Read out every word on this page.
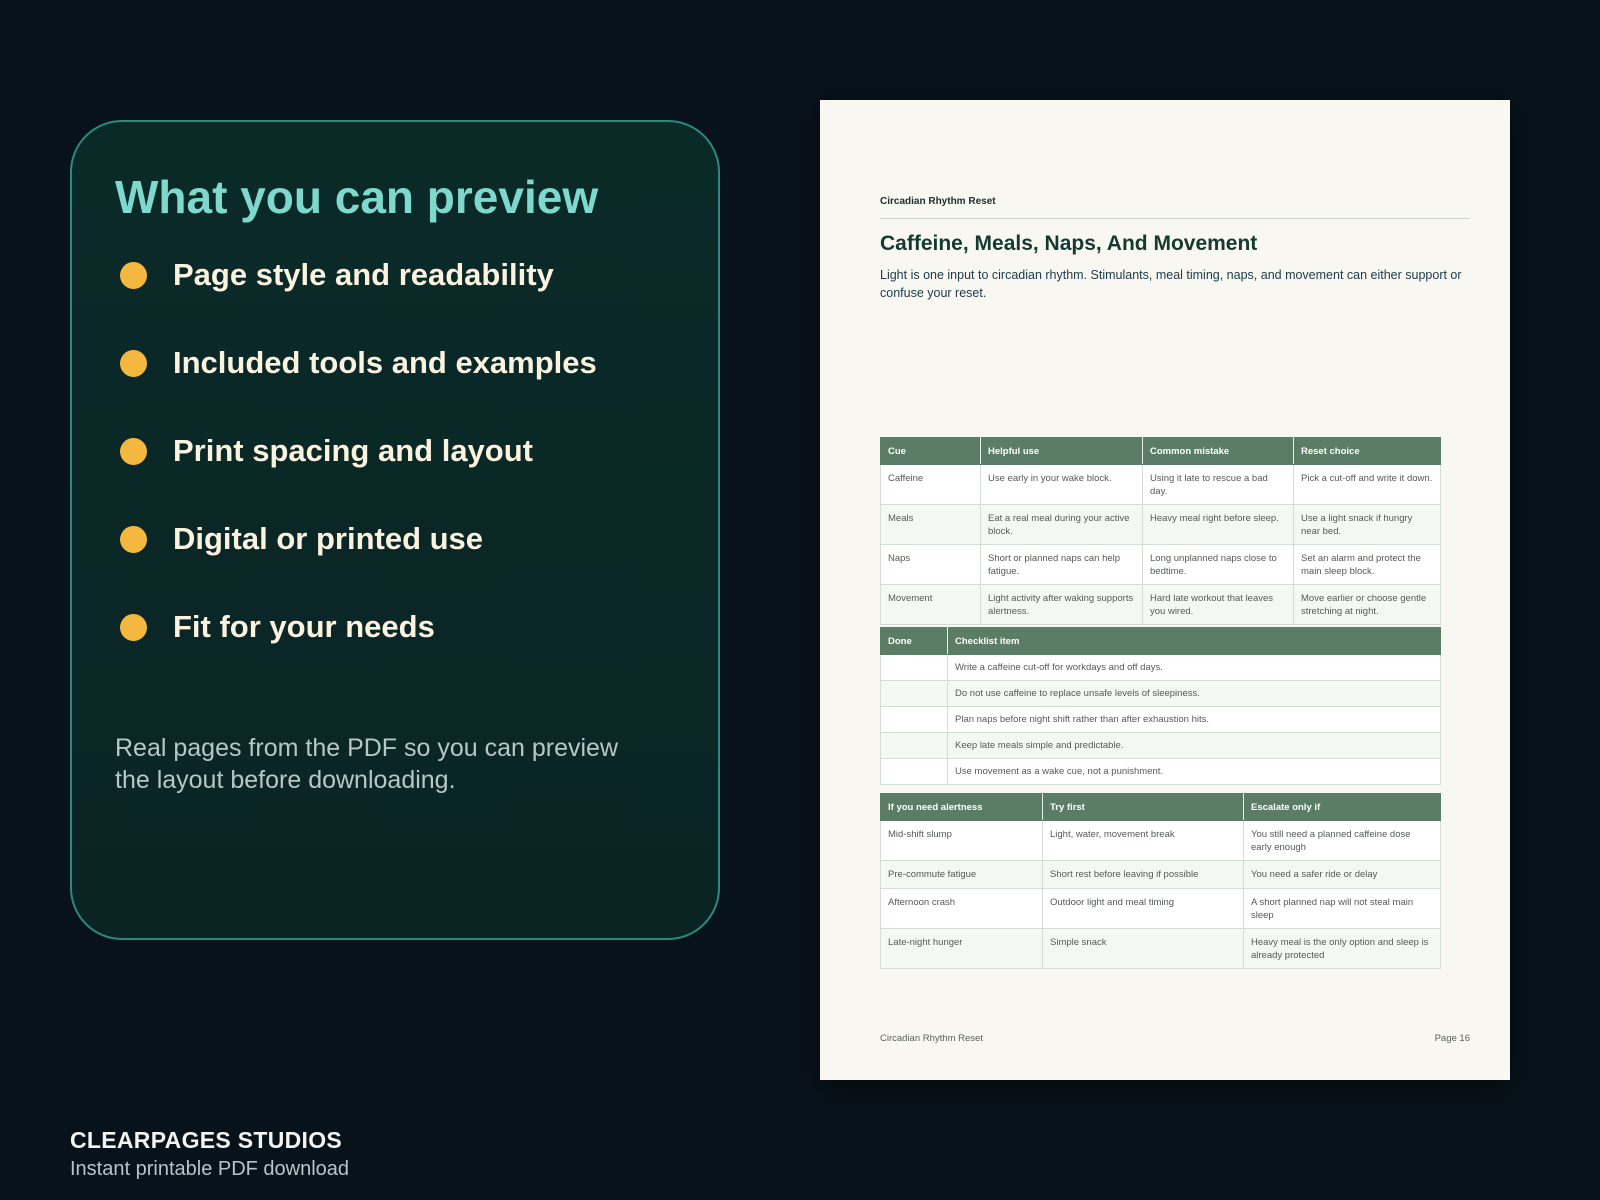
What you can preview
Page style and readability
Included tools and examples
Print spacing and layout
Digital or printed use
Fit for your needs

Real pages from the PDF so you can preview the layout before downloading.

CLEARPAGES STUDIOS
Instant printable PDF download
Circadian Rhythm Reset
Caffeine, Meals, Naps, And Movement

Light is one input to circadian rhythm. Stimulants, meal timing, naps, and movement can either support or confuse your reset.

Cue	Helpful use	Common mistake	Reset choice
Caffeine	Use early in your wake block.	Using it late to rescue a bad day.	Pick a cut-off and write it down.
Meals	Eat a real meal during your active block.	Heavy meal right before sleep.	Use a light snack if hungry near bed.
Naps	Short or planned naps can help fatigue.	Long unplanned naps close to bedtime.	Set an alarm and protect the main sleep block.
Movement	Light activity after waking supports alertness.	Hard late workout that leaves you wired.	Move earlier or choose gentle stretching at night.
Done	Checklist item
	Write a caffeine cut-off for workdays and off days.
	Do not use caffeine to replace unsafe levels of sleepiness.
	Plan naps before night shift rather than after exhaustion hits.
	Keep late meals simple and predictable.
	Use movement as a wake cue, not a punishment.
If you need alertness	Try first	Escalate only if
Mid-shift slump	Light, water, movement break	You still need a planned caffeine dose early enough
Pre-commute fatigue	Short rest before leaving if possible	You need a safer ride or delay
Afternoon crash	Outdoor light and meal timing	A short planned nap will not steal main sleep
Late-night hunger	Simple snack	Heavy meal is the only option and sleep is already protected
Circadian Rhythm Reset	Page 16
